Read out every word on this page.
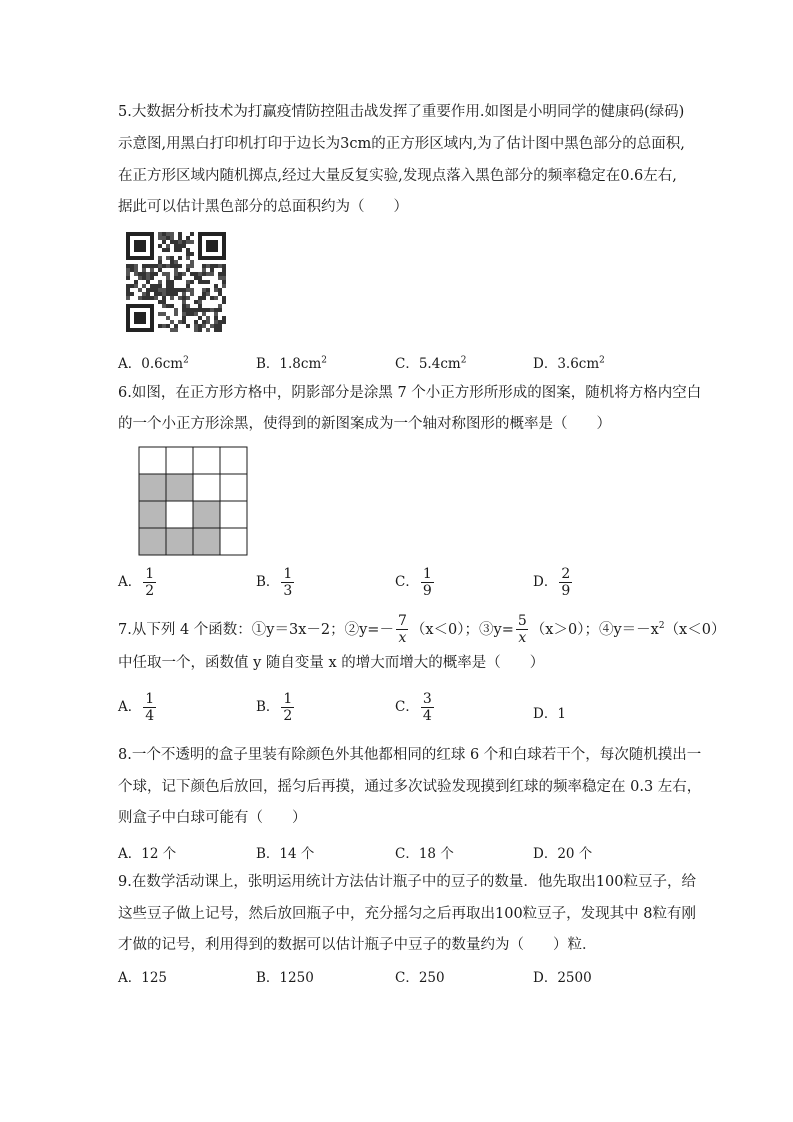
5.大数据分析技术为打赢疫情防控阻击战发挥了重要作用.如图是小明同学的健康码(绿码)
示意图,用黑白打印机打印于边长为3cm的正方形区域内,为了估计图中黑色部分的总面积,
在正方形区域内随机掷点,经过大量反复实验,发现点落入黑色部分的频率稳定在0.6左右,
据此可以估计黑色部分的总面积约为（　　）
A．$0.6cm^2$	B．$1.8cm^2$	C．$5.4cm^2$	D．$3.6cm^2$
6.如图，在正方形方格中，阴影部分是涂黑 7 个小正方形所形成的图案，随机将方格内空白
的一个小正方形涂黑，使得到的新图案成为一个轴对称图形的概率是（　　）
A． $\frac{1}{2}$	B． $\frac{1}{3}$	C． $\frac{1}{9}$	D． $\frac{2}{9}$
7.从下列 4 个函数：①y＝3x－2；②y=－ $\frac{7}{x} (x<0)$；③y= $\frac{5}{x} (x>0)$；$④y=-x^2(x<0)$
中任取一个，函数值 y 随自变量 x 的增大而增大的概率是（　　）
A． $\frac{1}{4}$	B． $\frac{1}{2}$	C． $\frac{3}{4}$	D．1
8.一个不透明的盒子里装有除颜色外其他都相同的红球 6 个和白球若干个，每次随机摸出一
个球，记下颜色后放回，摇匀后再摸，通过多次试验发现摸到红球的频率稳定在 0.3 左右，
则盒子中白球可能有（　　）
A．12 个	B．14 个	C．18 个	D．20 个
9.在数学活动课上，张明运用统计方法估计瓶子中的豆子的数量．他先取出100粒豆子，给
这些豆子做上记号，然后放回瓶子中，充分摇匀之后再取出100粒豆子，发现其中 8粒有刚
才做的记号，利用得到的数据可以估计瓶子中豆子的数量约为（　　）粒．
A．125	B．1250	C．250	D．2500
